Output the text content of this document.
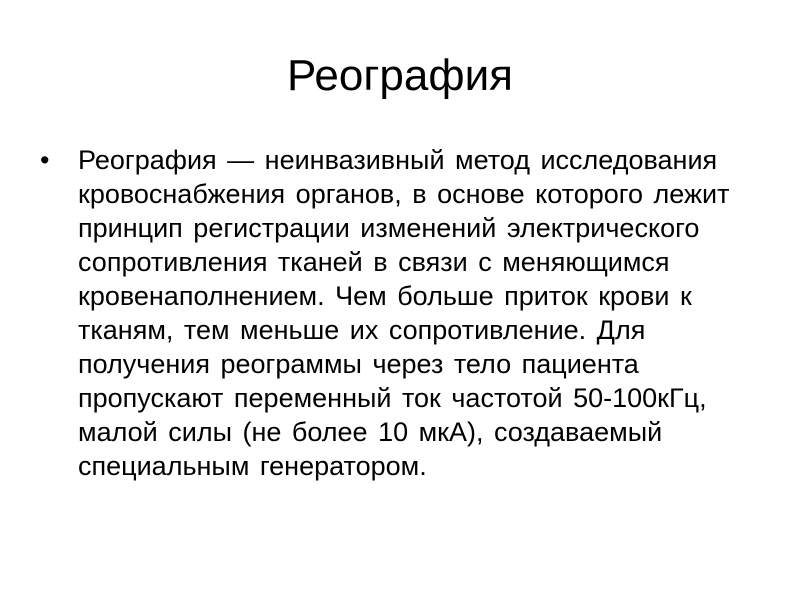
Реография
• Реография — неинвазивный метод исследования кровоснабжения органов, в основе которого лежит принцип регистрации изменений электрического сопротивления тканей в связи с меняющимся кровенаполнением. Чем больше приток крови к тканям, тем меньше их сопротивление. Для получения реограммы через тело пациента пропускают переменный ток частотой 50-100кГц, малой силы (не более 10 мкА), создаваемый специальным генератором.
